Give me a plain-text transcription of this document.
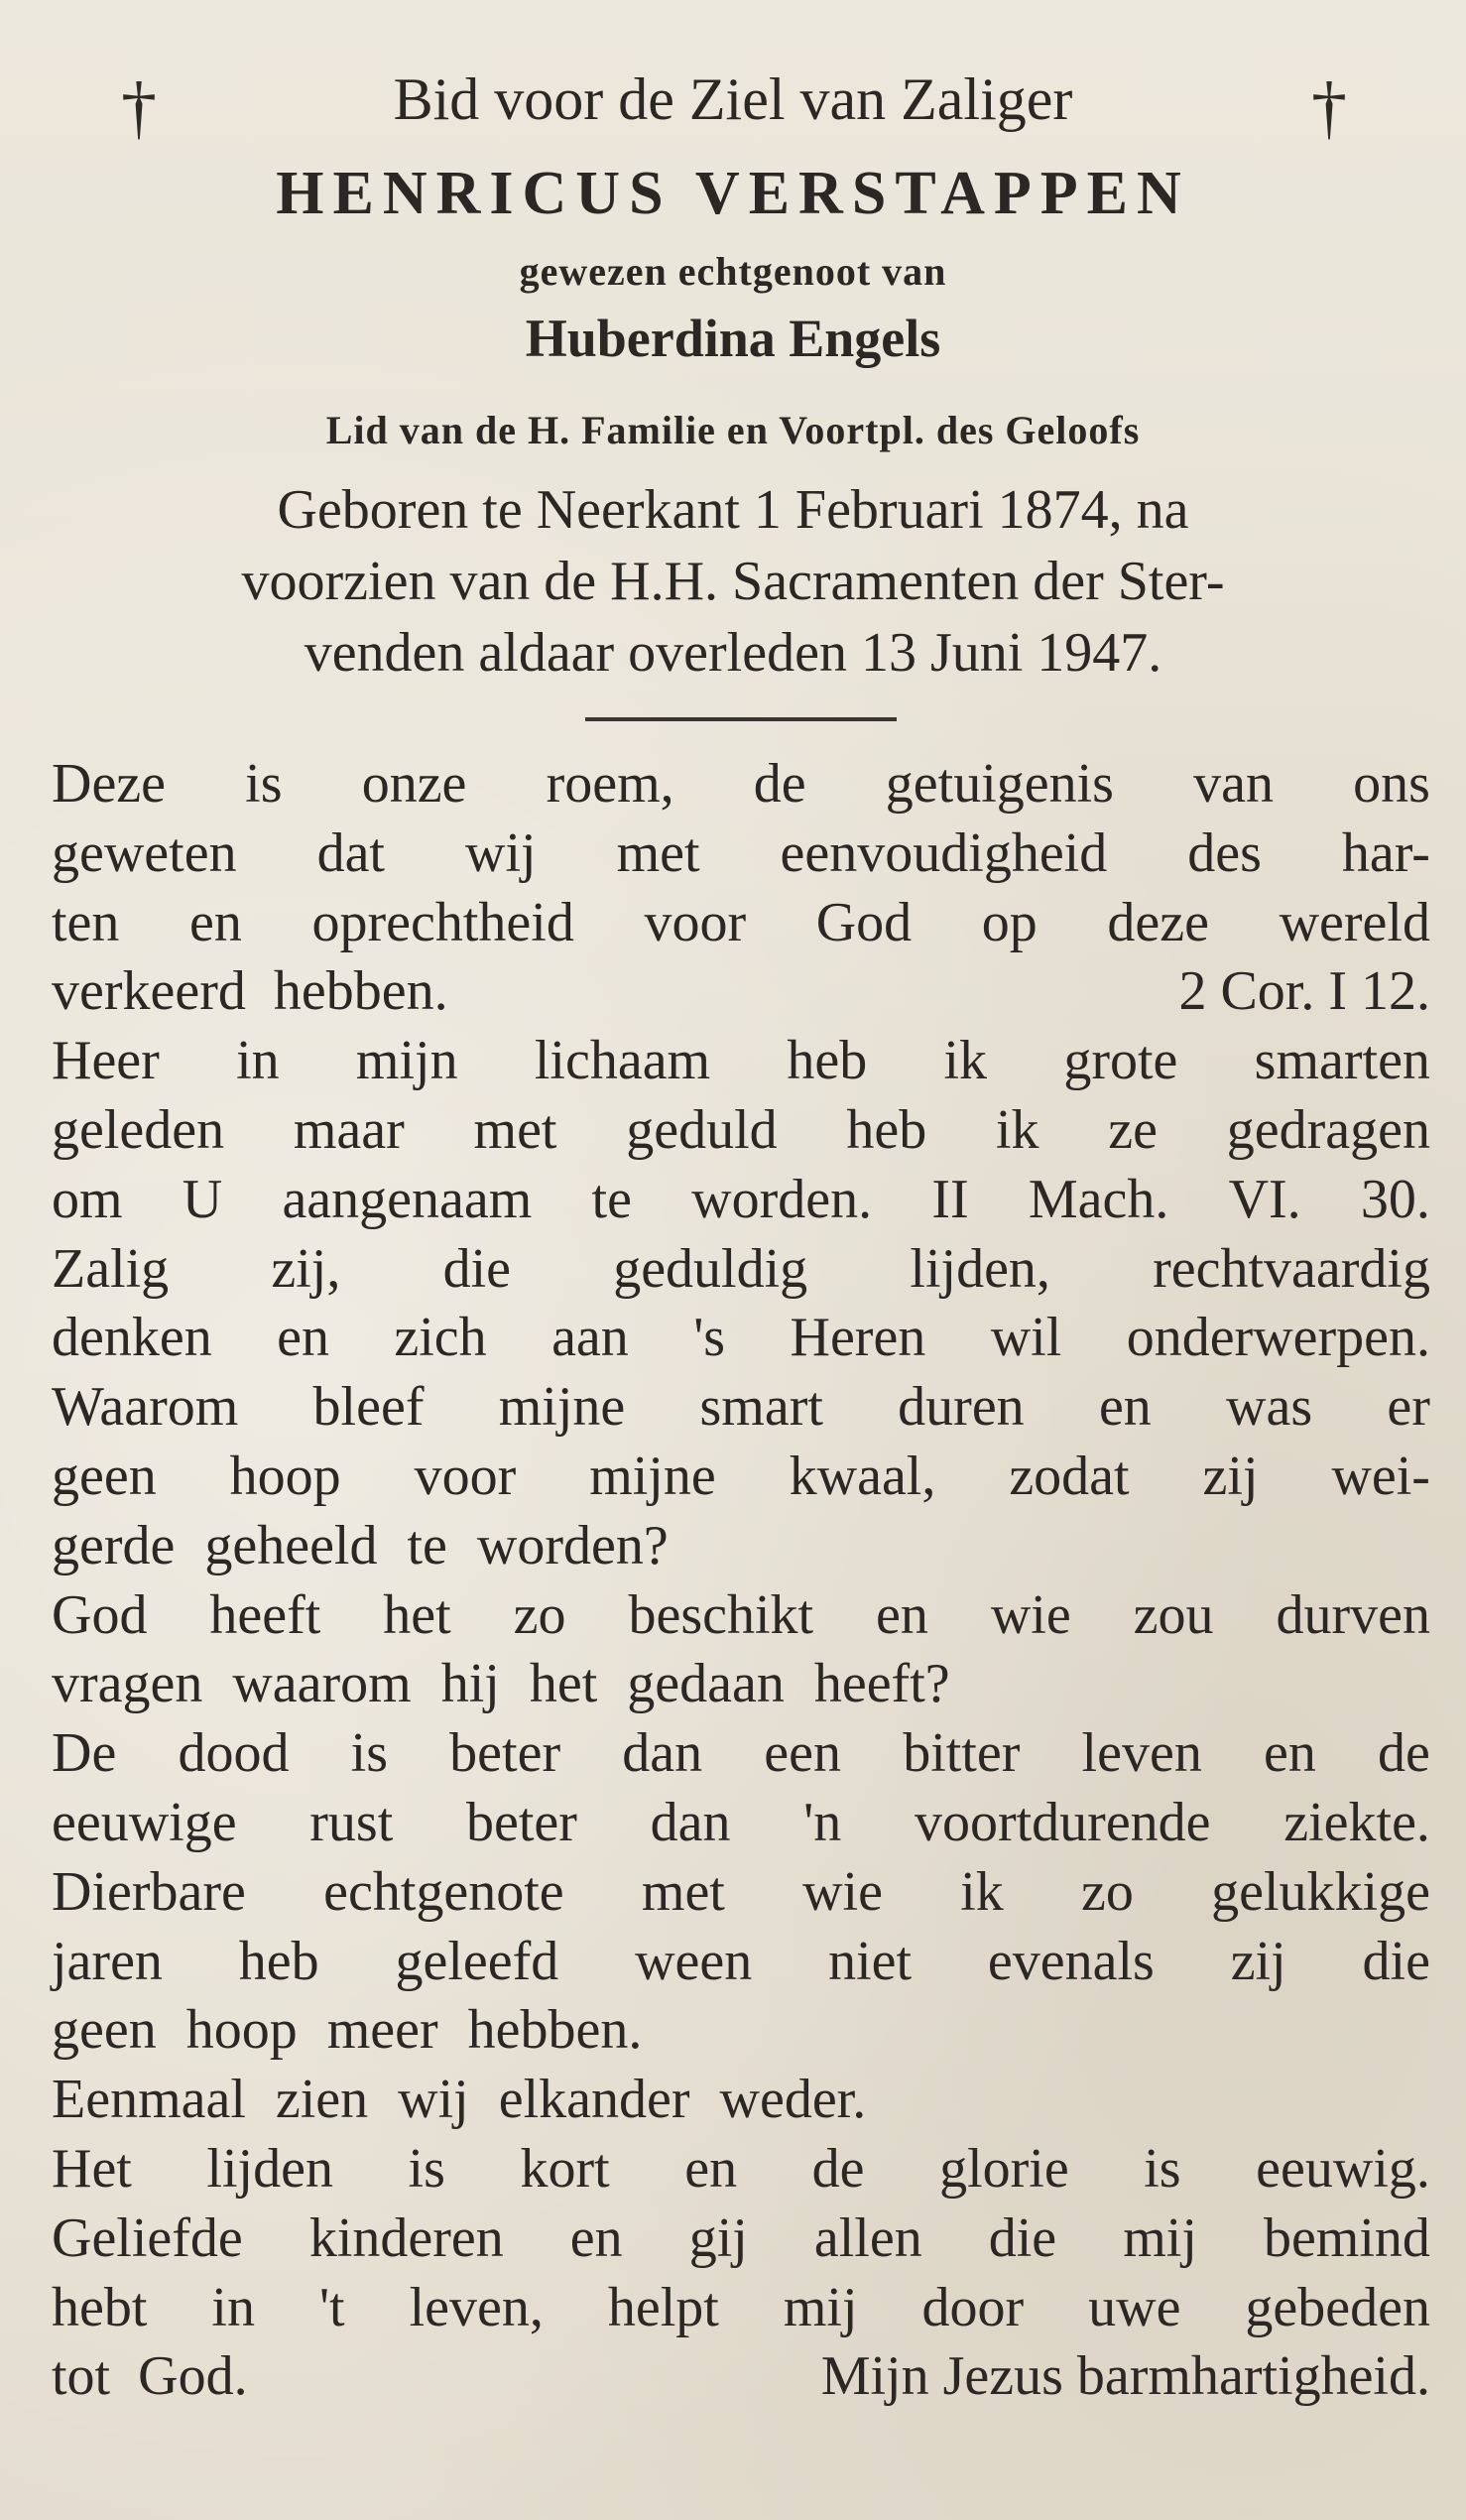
†	†
Bid voor de Ziel van Zaliger
HENRICUS VERSTAPPEN
gewezen echtgenoot van
Huberdina Engels
Lid van de H. Familie en Voortpl. des Geloofs
Geboren te Neerkant 1 Februari 1874, na
voorzien van de H.H. Sacramenten der Ster-
venden aldaar overleden 13 Juni 1947.
Deze is onze roem, de getuigenis van ons
geweten dat wij met eenvoudigheid des har-
ten en oprechtheid voor God op deze wereld
verkeerd hebben.	2 Cor. I 12.
Heer in mijn lichaam heb ik grote smarten
geleden maar met geduld heb ik ze gedragen
om U aangenaam te worden. II Mach. VI. 30.
Zalig zij, die geduldig lijden, rechtvaardig
denken en zich aan 's Heren wil onderwerpen.
Waarom bleef mijne smart duren en was er
geen hoop voor mijne kwaal, zodat zij wei-
gerde geheeld te worden?
God heeft het zo beschikt en wie zou durven
vragen waarom hij het gedaan heeft?
De dood is beter dan een bitter leven en de
eeuwige rust beter dan 'n voortdurende ziekte.
Dierbare echtgenote met wie ik zo gelukkige
jaren heb geleefd ween niet evenals zij die
geen hoop meer hebben.
Eenmaal zien wij elkander weder.
Het lijden is kort en de glorie is eeuwig.
Geliefde kinderen en gij allen die mij bemind
hebt in 't leven, helpt mij door uwe gebeden
tot God.	Mijn Jezus barmhartigheid.
